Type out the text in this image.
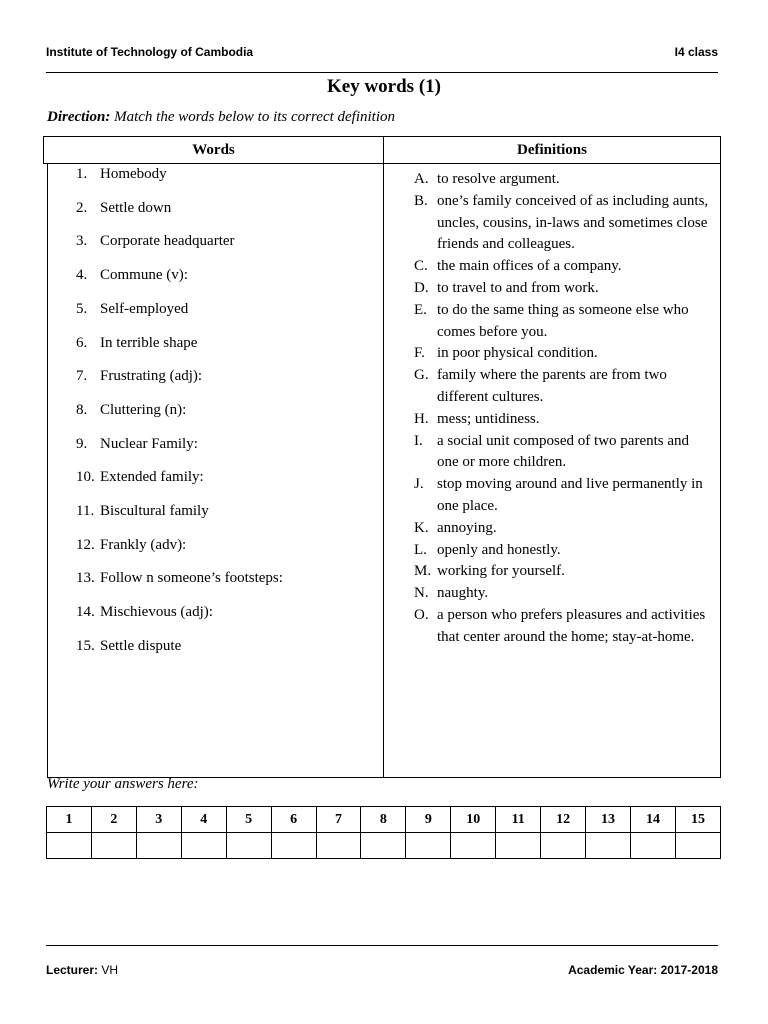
Institute of Technology of Cambodia	I4 class
Key words (1)
Direction: Match the words below to its correct definition
Words	Definitions
1. Homebody
2. Settle down
3. Corporate headquarter
4. Commune (v):
5. Self-employed
6. In terrible shape
7. Frustrating (adj):
8. Cluttering (n):
9. Nuclear Family:
10. Extended family:
11. Biscultural family
12. Frankly (adv):
13. Follow n someone’s footsteps:
14. Mischievous (adj):
15. Settle dispute
A. to resolve argument.
B. one’s family conceived of as including aunts, uncles, cousins, in-laws and sometimes close friends and colleagues.
C. the main offices of a company.
D. to travel to and from work.
E. to do the same thing as someone else who comes before you.
F. in poor physical condition.
G. family where the parents are from two different cultures.
H. mess; untidiness.
I. a social unit composed of two parents and one or more children.
J. stop moving around and live permanently in one place.
K. annoying.
L. openly and honestly.
M. working for yourself.
N. naughty.
O. a person who prefers pleasures and activities that center around the home; stay-at-home.
Write your answers here:
1	2	3	4	5	6	7	8	9	10	11	12	13	14	15

Lecturer: VH	Academic Year: 2017-2018
